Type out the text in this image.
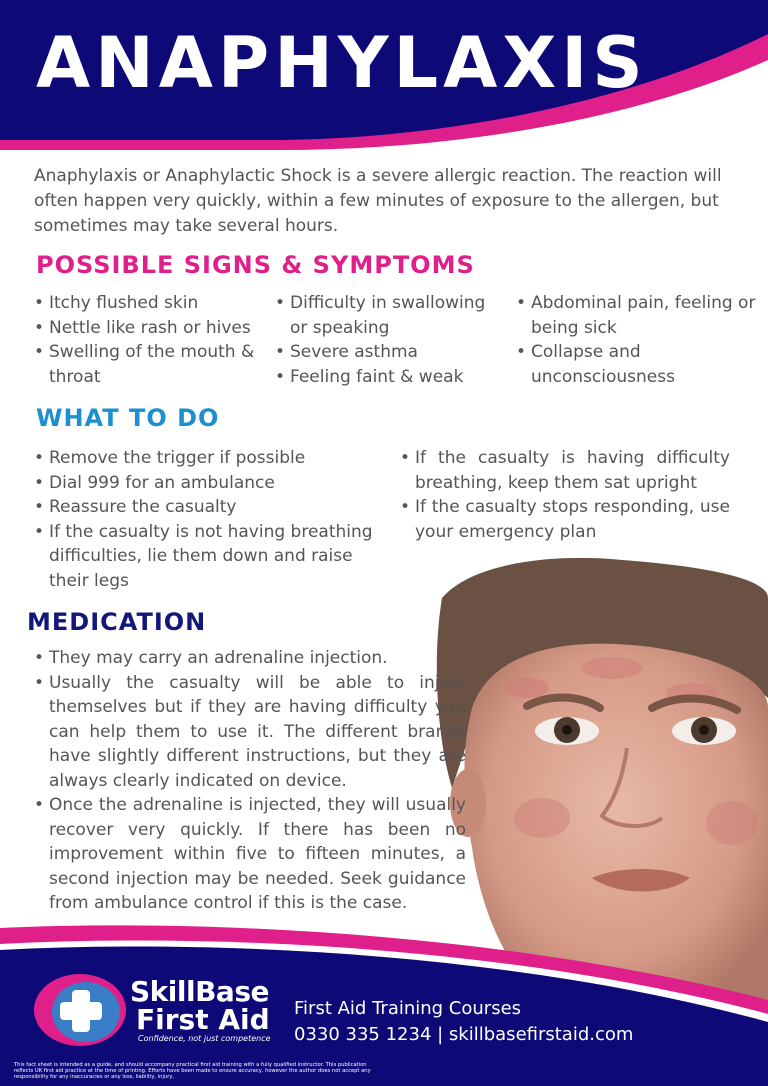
ANAPHYLAXIS

Anaphylaxis or Anaphylactic Shock is a severe allergic reaction. The reaction will often happen very quickly, within a few minutes of exposure to the allergen, but sometimes may take several hours.

POSSIBLE SIGNS & SYMPTOMS
• Itchy flushed skin
• Nettle like rash or hives
• Swelling of the mouth & throat
• Difficulty in swallowing or speaking
• Severe asthma
• Feeling faint & weak
• Abdominal pain, feeling or being sick
• Collapse and unconsciousness
WHAT TO DO
• Remove the trigger if possible
• Dial 999 for an ambulance
• Reassure the casualty
• If the casualty is not having breathing difficulties, lie them down and raise their legs
• If the casualty is having difficulty breathing, keep them sat upright
• If the casualty stops responding, use your emergency plan
MEDICATION
• They may carry an adrenaline injection.
• Usually the casualty will be able to inject themselves but if they are having difficulty you can help them to use it. The different brands have slightly different instructions, but they are always clearly indicated on device.
• Once the adrenaline is injected, they will usually recover very quickly. If there has been no improvement within five to fifteen minutes, a second injection may be needed. Seek guidance from ambulance control if this is the case.
SkillBase
First Aid
Confidence, not just competence
First Aid Training Courses
0330 335 1234 | skillbasefirstaid.com
This fact sheet is intended as a guide, and should accompany practical first aid training with a fully qualified instructor. This publication reflects UK first aid practice at the time of printing. Efforts have been made to ensure accuracy, however the author does not accept any responsibility for any inaccuracies or any loss, liability, injury,
